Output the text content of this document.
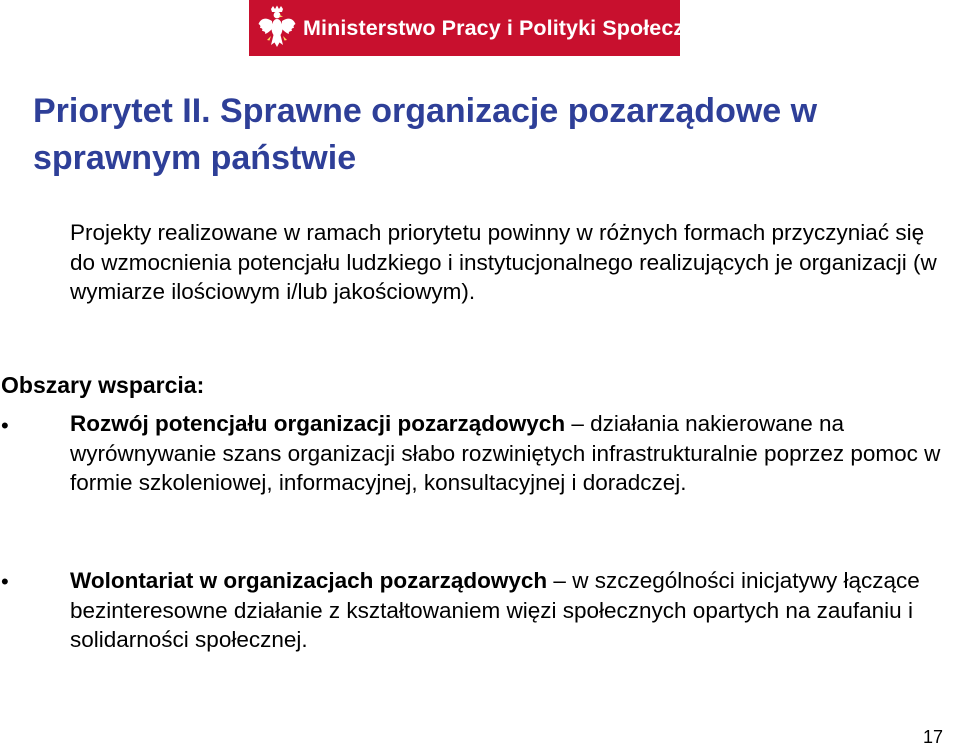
Ministerstwo Pracy i Polityki Społecznej
Priorytet II. Sprawne organizacje pozarządowe w sprawnym państwie

Projekty realizowane w ramach priorytetu powinny w różnych formach przyczyniać się do wzmocnienia potencjału ludzkiego i instytucjonalnego realizujących je organizacji (w wymiarze ilościowym i/lub jakościowym).

Obszary wsparcia:

•	Rozwój potencjału organizacji pozarządowych – działania nakierowane na wyrównywanie szans organizacji słabo rozwiniętych infrastrukturalnie poprzez pomoc w formie szkoleniowej, informacyjnej, konsultacyjnej i doradczej.

•	Wolontariat w organizacjach pozarządowych – w szczególności inicjatywy łączące bezinteresowne działanie z kształtowaniem więzi społecznych opartych na zaufaniu i solidarności społecznej.

17
